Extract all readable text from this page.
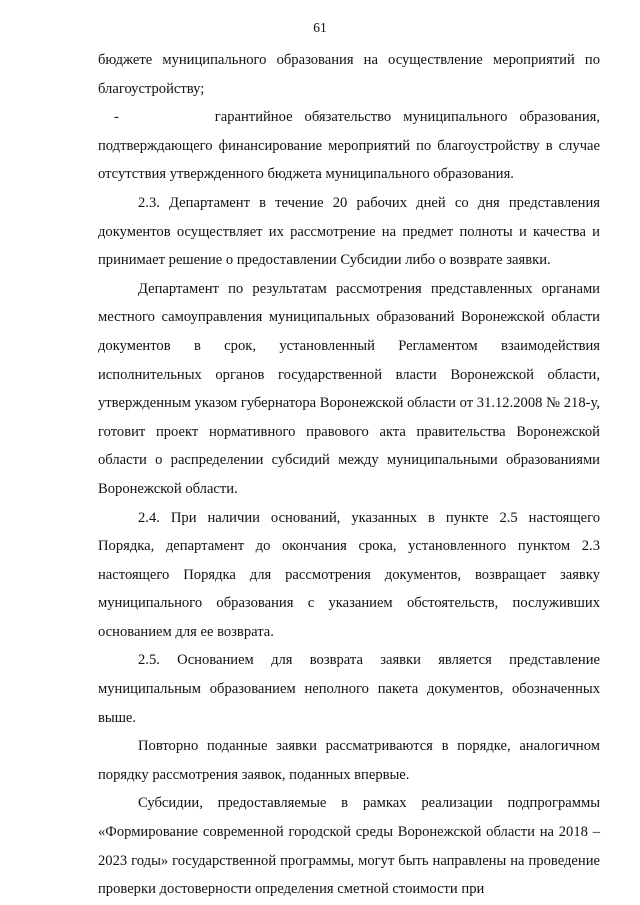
61

бюджете муниципального образования на осуществление мероприятий по благоустройству;

-        гарантийное обязательство муниципального образования, подтверждающего финансирование мероприятий по благоустройству в случае отсутствия утвержденного бюджета муниципального образования.

2.3. Департамент в течение 20 рабочих дней со дня представления документов осуществляет их рассмотрение на предмет полноты и качества и принимает решение о предоставлении Субсидии либо о возврате заявки.

Департамент по результатам рассмотрения представленных органами местного самоуправления муниципальных образований Воронежской области документов в срок, установленный Регламентом взаимодействия исполнительных органов государственной власти Воронежской области, утвержденным указом губернатора Воронежской области от 31.12.2008 № 218-у, готовит проект нормативного правового акта правительства Воронежской области о распределении субсидий между муниципальными образованиями Воронежской области.

2.4. При наличии оснований, указанных в пункте 2.5 настоящего Порядка, департамент до окончания срока, установленного пунктом 2.3 настоящего Порядка для рассмотрения документов, возвращает заявку муниципального образования с указанием обстоятельств, послуживших основанием для ее возврата.

2.5. Основанием для возврата заявки является представление муниципальным образованием неполного пакета документов, обозначенных выше.

Повторно поданные заявки рассматриваются в порядке, аналогичном порядку рассмотрения заявок, поданных впервые.

Субсидии, предоставляемые в рамках реализации подпрограммы «Формирование современной городской среды Воронежской области на 2018 – 2023 годы» государственной программы, могут быть направлены на проведение проверки достоверности определения сметной стоимости при
